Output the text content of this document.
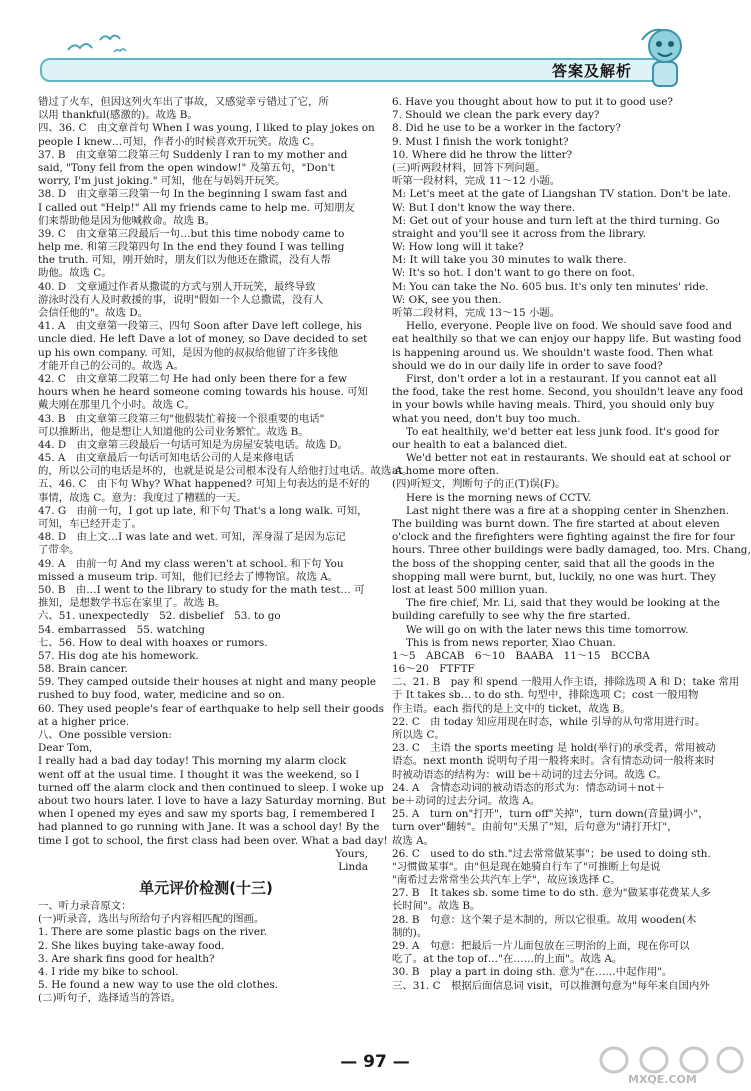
答案及解析
错过了火车，但因这列火车出了事故，又感觉幸亏错过了它，所
以用 thankful(感激的)。故选 B。
四、36. C　由文章首句 When I was young, I liked to play jokes on
people I knew…可知，作者小的时候喜欢开玩笑。故选 C。
37. B　由文章第二段第三句 Suddenly I ran to my mother and
said, "Tony fell from the open window!" 及第五句，"Don't
worry, I'm just joking." 可知，他在与妈妈开玩笑。
38. D　由文章第三段第一句 In the beginning I swam fast and
I called out "Help!" All my friends came to help me. 可知朋友
们来帮助他是因为他喊救命。故选 B。
39. C　由文章第三段最后一句…but this time nobody came to
help me. 和第三段第四句 In the end they found I was telling
the truth. 可知，刚开始时，朋友们以为他还在撒谎，没有人帮
助他。故选 C。
40. D　文章通过作者从撒谎的方式与别人开玩笑，最终导致
游泳时没有人及时救援的事，说明"假如一个人总撒谎，没有人
会信任他的"。故选 D。
41. A　由文章第一段第三、四句 Soon after Dave left college, his
uncle died. He left Dave a lot of money, so Dave decided to set
up his own company. 可知，是因为他的叔叔给他留了许多钱他
才能开自己的公司的。故选 A。
42. C　由文章第二段第二句 He had only been there for a few
hours when he heard someone coming towards his house. 可知
戴夫刚在那里几个小时。故选 C。
43. B　由文章第三段第三句"他假装忙着接一个很重要的电话"
可以推断出，他是想让人知道他的公司业务繁忙。故选 B。
44. D　由文章第三段最后一句话可知是为房屋安装电话。故选 D。
45. A　由文章最后一句话可知电话公司的人是来修电话
的，所以公司的电话是坏的，也就是说是公司根本没有人给他打过电话。故选 A。
五、46. C　由下句 Why? What happened? 可知上句表达的是不好的
事情，故选 C。意为：我度过了糟糕的一天。
47. G　由前一句，I got up late, 和下句 That's a long walk. 可知，
可知，车已经开走了。
48. D　由上文…I was late and wet. 可知，浑身湿了是因为忘记
了带伞。
49. A　由前一句 And my class weren't at school. 和下句 You
missed a museum trip. 可知，他们已经去了博物馆。故选 A。
50. B　由…I went to the library to study for the math test… 可
推知，是想数学书忘在家里了。故选 B。
六、51. unexpectedly　52. disbelief　53. to go
54. embarrassed　55. watching
七、56. How to deal with hoaxes or rumors.
57. His dog ate his homework.
58. Brain cancer.
59. They camped outside their houses at night and many people
rushed to buy food, water, medicine and so on.
60. They used people's fear of earthquake to help sell their goods
at a higher price.
八、One possible version:
Dear Tom,
I really had a bad day today! This morning my alarm clock
went off at the usual time. I thought it was the weekend, so I
turned off the alarm clock and then continued to sleep. I woke up
about two hours later. I love to have a lazy Saturday morning. But
when I opened my eyes and saw my sports bag, I remembered I
had planned to go running with Jane. It was a school day! By the
time I got to school, the first class had been over. What a bad day!
Yours,
Linda
单元评价检测(十三)
一、听力录音原文：
(一)听录音，选出与所给句子内容相匹配的图画。
1. There are some plastic bags on the river.
2. She likes buying take-away food.
3. Are shark fins good for health?
4. I ride my bike to school.
5. He found a new way to use the old clothes.
(二)听句子，选择适当的答语。
6. Have you thought about how to put it to good use?
7. Should we clean the park every day?
8. Did he use to be a worker in the factory?
9. Must I finish the work tonight?
10. Where did he throw the litter?
(三)听两段材料，回答下列问题。
听第一段材料，完成 11～12 小题。
M: Let's meet at the gate of Liangshan TV station. Don't be late.
W: But I don't know the way there.
M: Get out of your house and turn left at the third turning. Go
straight and you'll see it across from the library.
W: How long will it take?
M: It will take you 30 minutes to walk there.
W: It's so hot. I don't want to go there on foot.
M: You can take the No. 605 bus. It's only ten minutes' ride.
W: OK, see you then.
听第二段材料，完成 13～15 小题。
Hello, everyone. People live on food. We should save food and
eat healthily so that we can enjoy our happy life. But wasting food
is happening around us. We shouldn't waste food. Then what
should we do in our daily life in order to save food?
First, don't order a lot in a restaurant. If you cannot eat all
the food, take the rest home. Second, you shouldn't leave any food
in your bowls while having meals. Third, you should only buy
what you need, don't buy too much.
To eat healthily, we'd better eat less junk food. It's good for
our health to eat a balanced diet.
We'd better not eat in restaurants. We should eat at school or
at home more often.
(四)听短文，判断句子的正(T)误(F)。
Here is the morning news of CCTV.
Last night there was a fire at a shopping center in Shenzhen.
The building was burnt down. The fire started at about eleven
o'clock and the firefighters were fighting against the fire for four
hours. Three other buildings were badly damaged, too. Mrs. Chang,
the boss of the shopping center, said that all the goods in the
shopping mall were burnt, but, luckily, no one was hurt. They
lost at least 500 million yuan.
The fire chief, Mr. Li, said that they would be looking at the
building carefully to see why the fire started.
We will go on with the later news this time tomorrow.
This is from news reporter, Xiao Chuan.
1～5　ABCAB　6～10　BAABA　11～15　BCCBA
16～20　FTFTF
二、21. B　pay 和 spend 一般用人作主语，排除选项 A 和 D；take 常用
于 It takes sb… to do sth. 句型中，排除选项 C；cost 一般用物
作主语。each 指代的是上文中的 ticket，故选 B。
22. C　由 today 知应用现在时态，while 引导的从句常用进行时。
所以选 C。
23. C　主语 the sports meeting 是 hold(举行)的承受者，常用被动
语态。next month 说明句子用一般将来时。含有情态动词一般将来时
时被动语态的结构为：will be＋动词的过去分词。故选 C。
24. A　含情态动词的被动语态的形式为：情态动词＋not＋
be＋动词的过去分词。故选 A。
25. A　turn on"打开"，turn off"关掉"，turn down(音量)调小"，
turn over"翻转"。由前句"天黑了"知，后句意为"请打开灯"，
故选 A。
26. C　used to do sth."过去常常做某事"；be used to doing sth.
"习惯做某事"。由"但是现在她骑自行车了"可推断上句是说
"南希过去常常坐公共汽车上学"，故应该选择 C。
27. B　It takes sb. some time to do sth. 意为"做某事花费某人多
长时间"。故选 B。
28. B　句意：这个架子是木制的，所以它很重。故用 wooden(木
制的)。
29. A　句意：把最后一片儿面包放在三明治的上面，现在你可以
吃了。at the top of…"在……的上面"。故选 A。
30. B　play a part in doing sth. 意为"在……中起作用"。
三、31. C　根据后面信息词 visit，可以推测句意为"每年来自国内外
— 97 —
MXQE.COM
